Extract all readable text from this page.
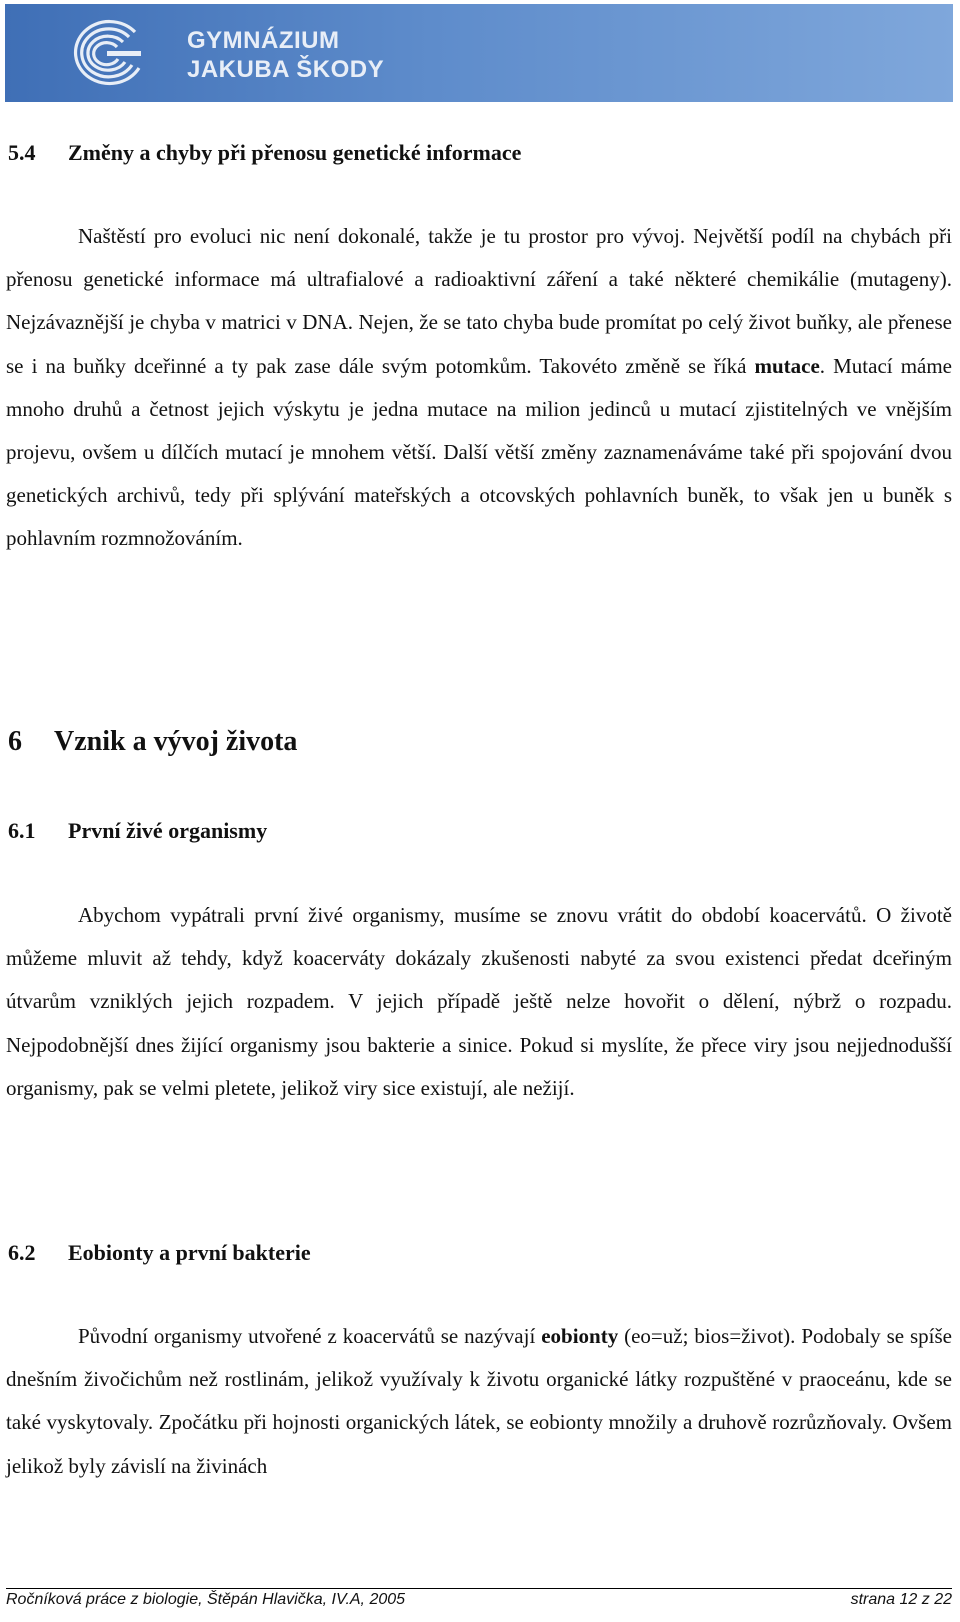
GYMNÁZIUM
JAKUBA ŠKODY
5.4 Změny a chyby při přenosu genetické informace

Naštěstí pro evoluci nic není dokonalé, takže je tu prostor pro vývoj. Největší podíl na chybách při přenosu genetické informace má ultrafialové a radioaktivní záření a také některé chemikálie (mutageny). Nejzávaznější je chyba v matrici v DNA. Nejen, že se tato chyba bude promítat po celý život buňky, ale přenese se i na buňky dceřinné a ty pak zase dále svým potomkům. Takovéto změně se říká mutace. Mutací máme mnoho druhů a četnost jejich výskytu je jedna mutace na milion jedinců u mutací zjistitelných ve vnějším projevu, ovšem u dílčích mutací je mnohem větší. Další větší změny zaznamenáváme také při spojování dvou genetických archivů, tedy při splývání mateřských a otcovských pohlavních buněk, to však jen u buněk s pohlavním rozmnožováním.

6 Vznik a vývoj života
6.1 První živé organismy

Abychom vypátrali první živé organismy, musíme se znovu vrátit do období koacervátů. O životě můžeme mluvit až tehdy, když koacerváty dokázaly zkušenosti nabyté za svou existenci předat dceřiným útvarům vzniklých jejich rozpadem. V jejich případě ještě nelze hovořit o dělení, nýbrž o rozpadu. Nejpodobnější dnes žijící organismy jsou bakterie a sinice. Pokud si myslíte, že přece viry jsou nejjednodušší organismy, pak se velmi pletete, jelikož viry sice existují, ale nežijí.

6.2 Eobionty a první bakterie

Původní organismy utvořené z koacervátů se nazývají eobionty (eo=už; bios=život). Podobaly se spíše dnešním živočichům než rostlinám, jelikož využívaly k životu organické látky rozpuštěné v praoceánu, kde se také vyskytovaly. Zpočátku při hojnosti organických látek, se eobionty množily a druhově rozrůzňovaly. Ovšem jelikož byly závislí na živinách

Ročníková práce z biologie, Štěpán Hlavička, IV.A, 2005	strana 12 z 22
